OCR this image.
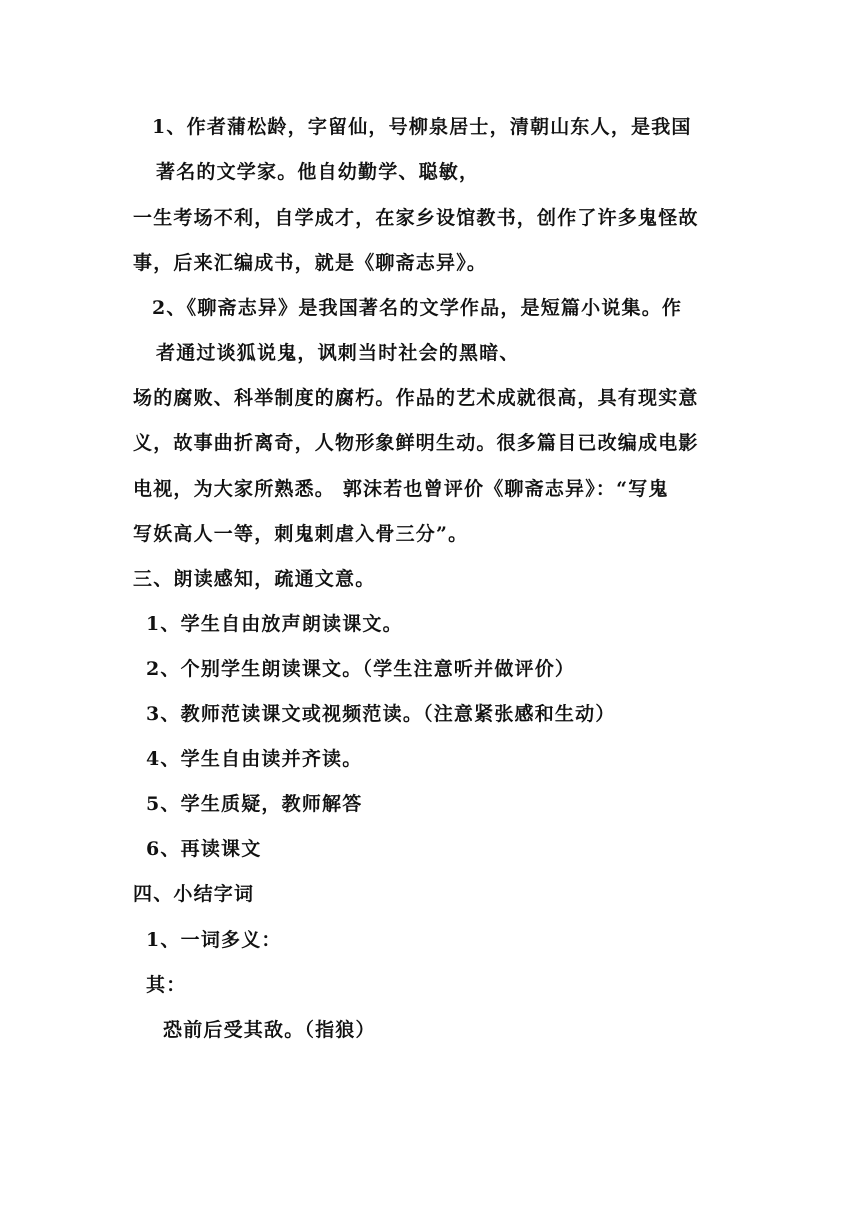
1、作者蒲松龄，字留仙，号柳泉居士，清朝山东人，是我国
著名的文学家。他自幼勤学、聪敏，
一生考场不利，自学成才，在家乡设馆教书，创作了许多鬼怪故
事，后来汇编成书，就是《聊斋志异》。
2、《聊斋志异》是我国著名的文学作品，是短篇小说集。作
者通过谈狐说鬼，讽刺当时社会的黑暗、
场的腐败、科举制度的腐朽。作品的艺术成就很高，具有现实意
义，故事曲折离奇，人物形象鲜明生动。很多篇目已改编成电影
电视，为大家所熟悉。 郭沫若也曾评价《聊斋志异》：“写鬼
写妖高人一等，刺鬼刺虐入骨三分”。
三、朗读感知，疏通文意。
1、学生自由放声朗读课文。
2、个别学生朗读课文。（学生注意听并做评价）
3、教师范读课文或视频范读。（注意紧张感和生动）
4、学生自由读并齐读。
5、学生质疑，教师解答
6、再读课文
四、小结字词
1、一词多义：
其：
恐前后受其敌。（指狼）
